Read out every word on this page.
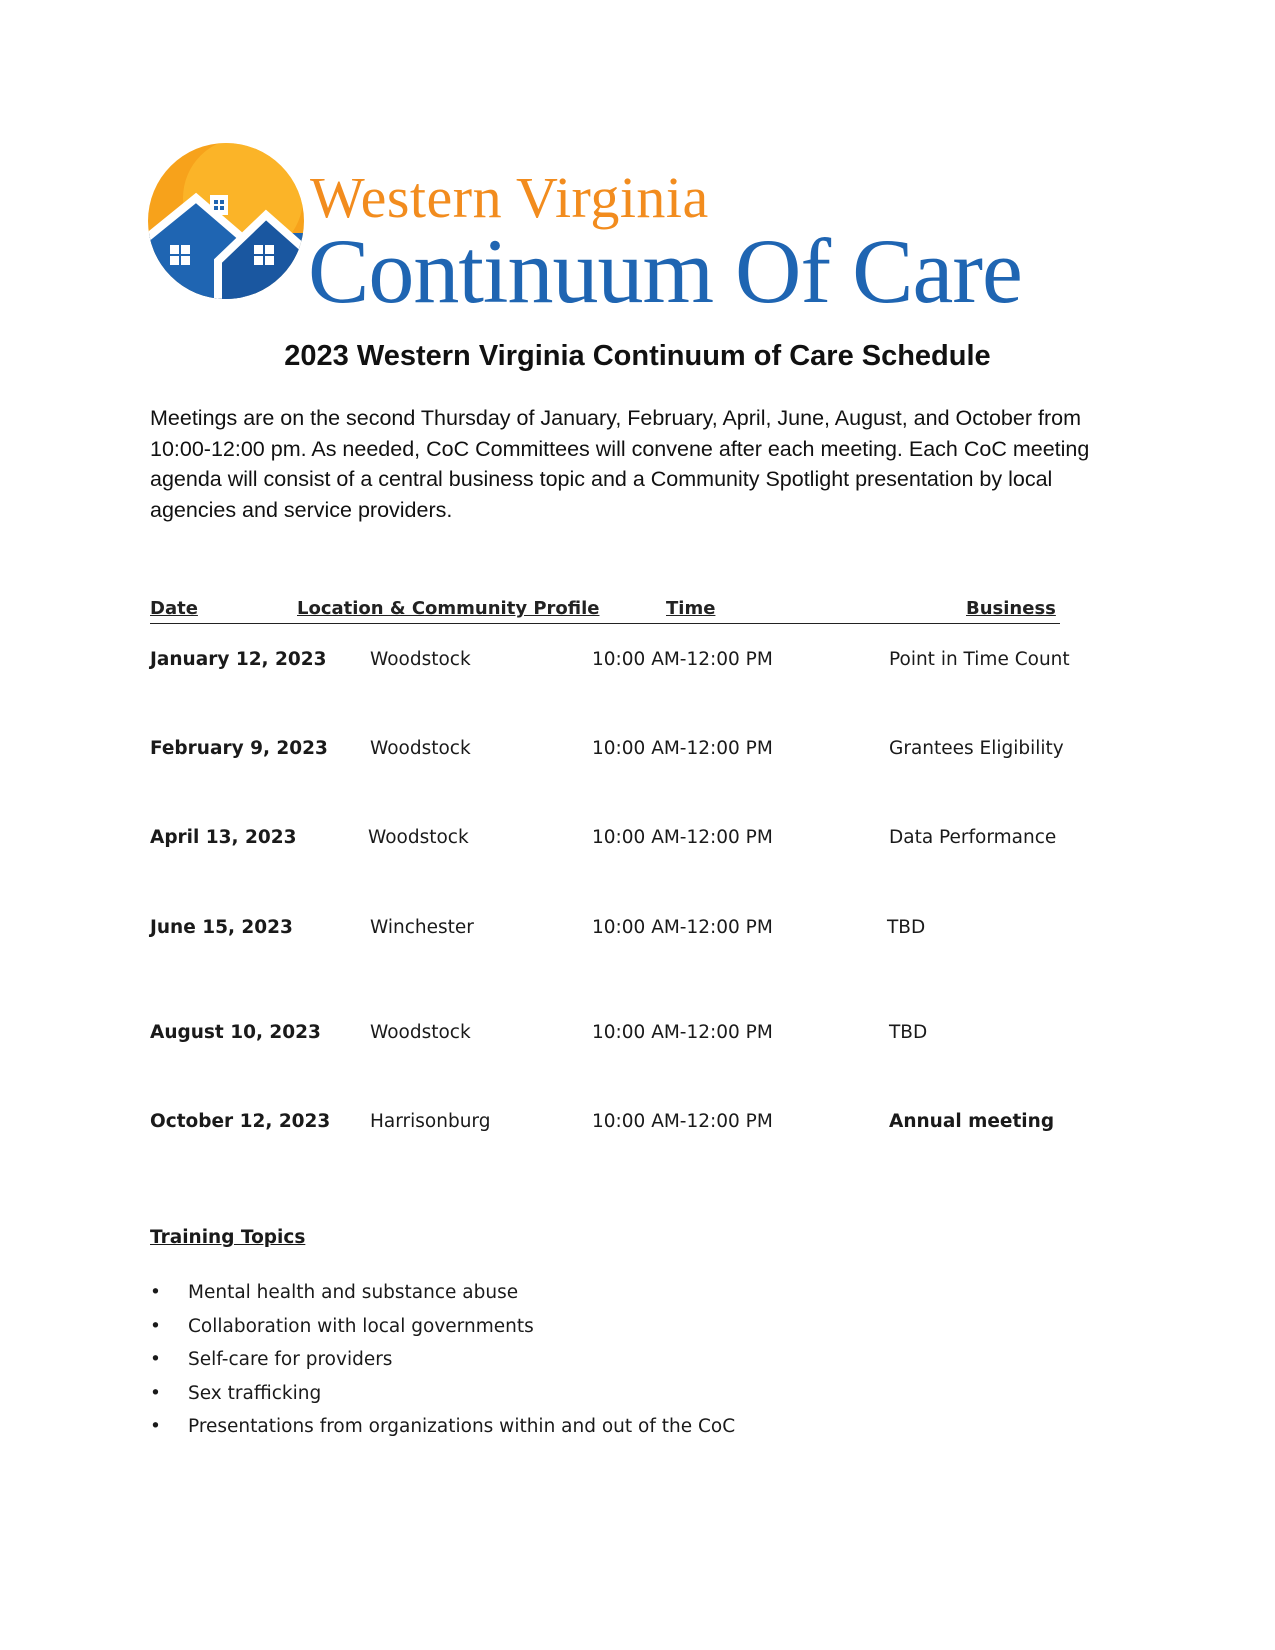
Western Virginia
Continuum Of Care
2023 Western Virginia Continuum of Care Schedule
Meetings are on the second Thursday of January, February, April, June, August, and October from 10:00-12:00 pm. As needed, CoC Committees will convene after each meeting. Each CoC meeting agenda will consist of a central business topic and a Community Spotlight presentation by local agencies and service providers.
Date	Location & Community Profile	Time	Business
January 12, 2023 Woodstock	10:00 AM-12:00 PM	Point in Time Count
February 9, 2023 Woodstock	10:00 AM-12:00 PM	Grantees Eligibility
April 13, 2023	Woodstock	10:00 AM-12:00 PM	Data Performance
June 15, 2023	Winchester	10:00 AM-12:00 PM	TBD
August 10, 2023	Woodstock	10:00 AM-12:00 PM	TBD
October 12, 2023 Harrisonburg	10:00 AM-12:00 PM	Annual meeting
Training Topics
• Mental health and substance abuse
• Collaboration with local governments
• Self-care for providers
• Sex trafficking
• Presentations from organizations within and out of the CoC
